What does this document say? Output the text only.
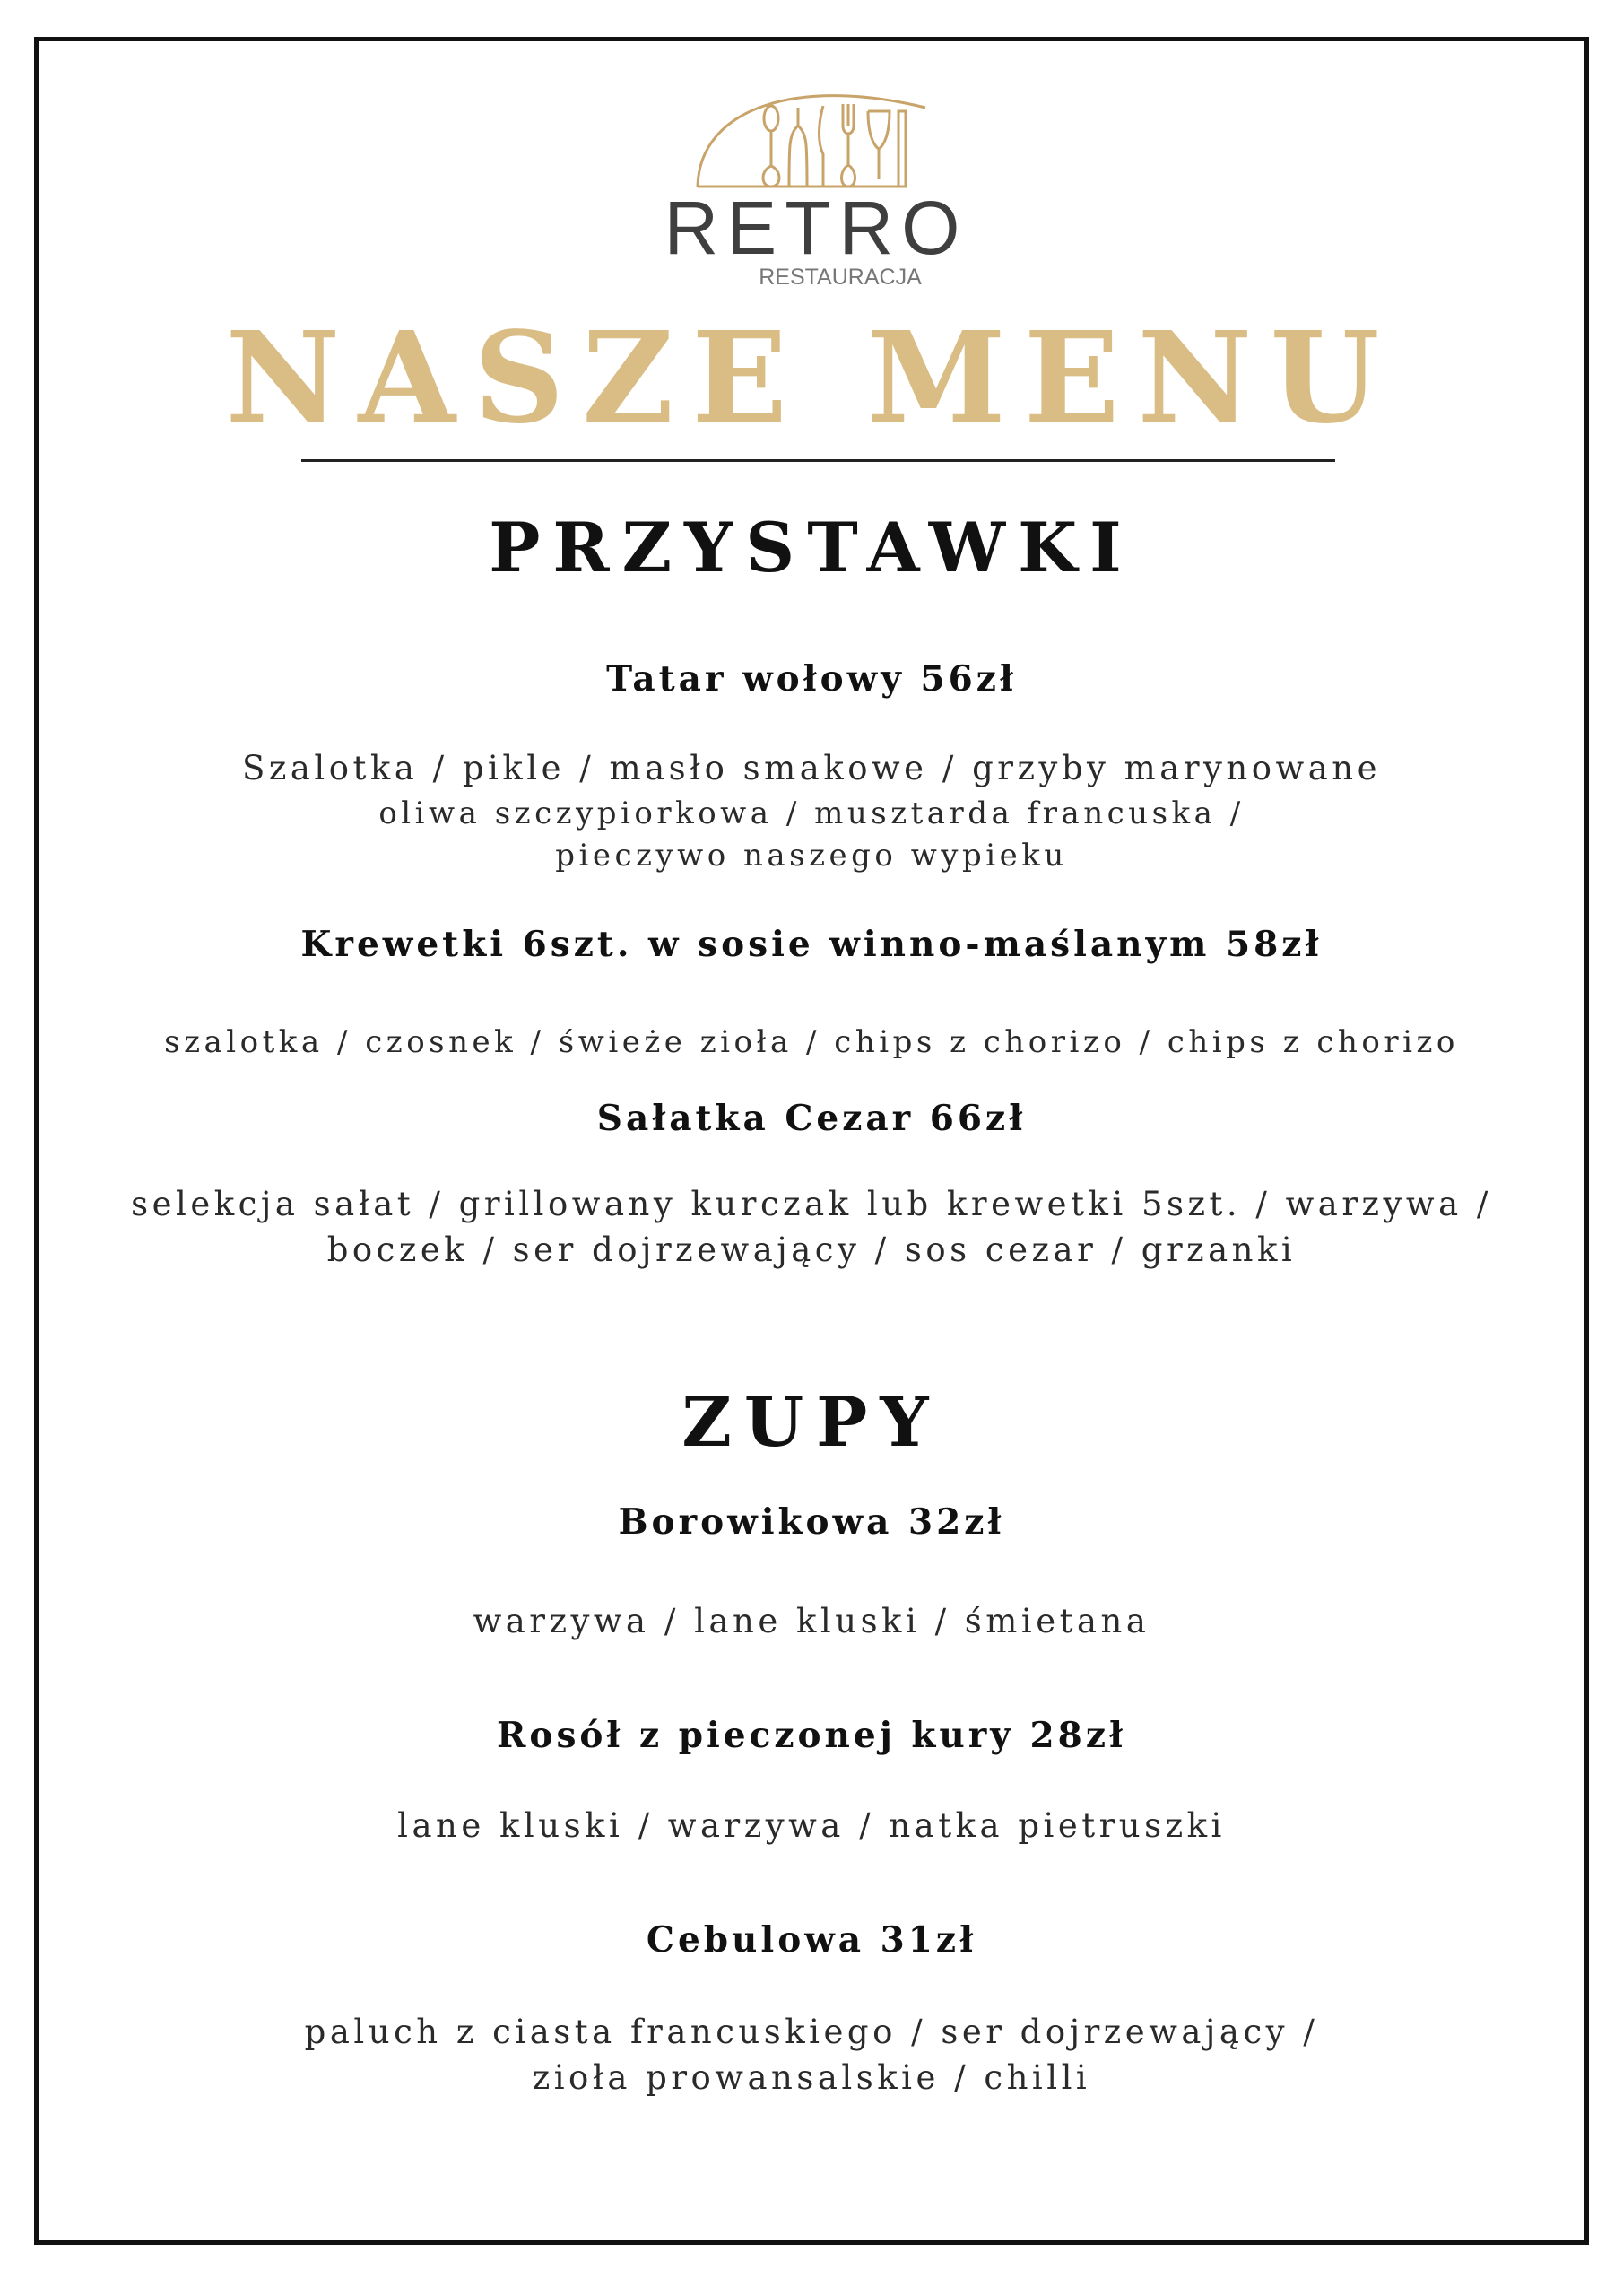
RETRO
RESTAURACJA
NASZE MENU
PRZYSTAWKI
Tatar wołowy 56zł
Szalotka / pikle / masło smakowe / grzyby marynowane
oliwa szczypiorkowa / musztarda francuska /
pieczywo naszego wypieku
Krewetki 6szt. w sosie winno-maślanym 58zł
szalotka / czosnek / świeże zioła / chips z chorizo / chips z chorizo
Sałatka Cezar 66zł
selekcja sałat / grillowany kurczak lub krewetki 5szt. / warzywa /
boczek / ser dojrzewający / sos cezar / grzanki
ZUPY
Borowikowa 32zł
warzywa / lane kluski / śmietana
Rosół z pieczonej kury 28zł
lane kluski / warzywa / natka pietruszki
Cebulowa 31zł
paluch z ciasta francuskiego / ser dojrzewający /
zioła prowansalskie / chilli
